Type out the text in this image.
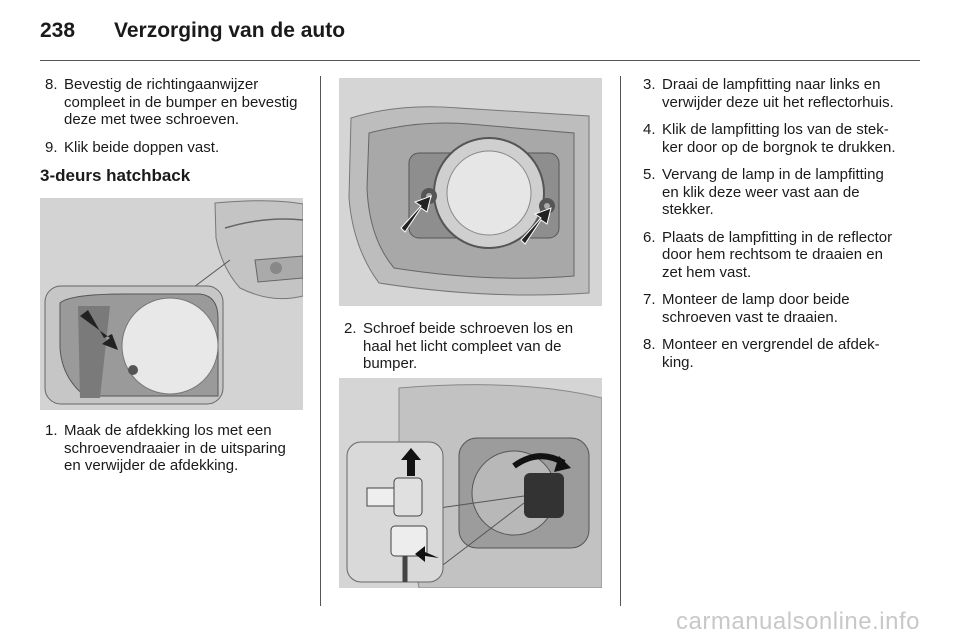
238 Verzorging van de auto
8. Bevestig de richtingaanwijzer compleet in de bumper en bevestig deze met twee schroeven.
9. Klik beide doppen vast.
3-deurs hatchback
1. Maak de afdekking los met een schroevendraaier in de uitsparing en verwijder de afdekking.
2. Schroef beide schroeven los en haal het licht compleet van de bumper.
3. Draai de lampfitting naar links en verwijder deze uit het reflectorhuis.
4. Klik de lampfitting los van de stekker door op de borgnok te drukken.
5. Vervang de lamp in de lampfitting en klik deze weer vast aan de stekker.
6. Plaats de lampfitting in de reflector door hem rechtsom te draaien en zet hem vast.
7. Monteer de lamp door beide schroeven vast te draaien.
8. Monteer en vergrendel de afdekking.
carmanualsonline.info
